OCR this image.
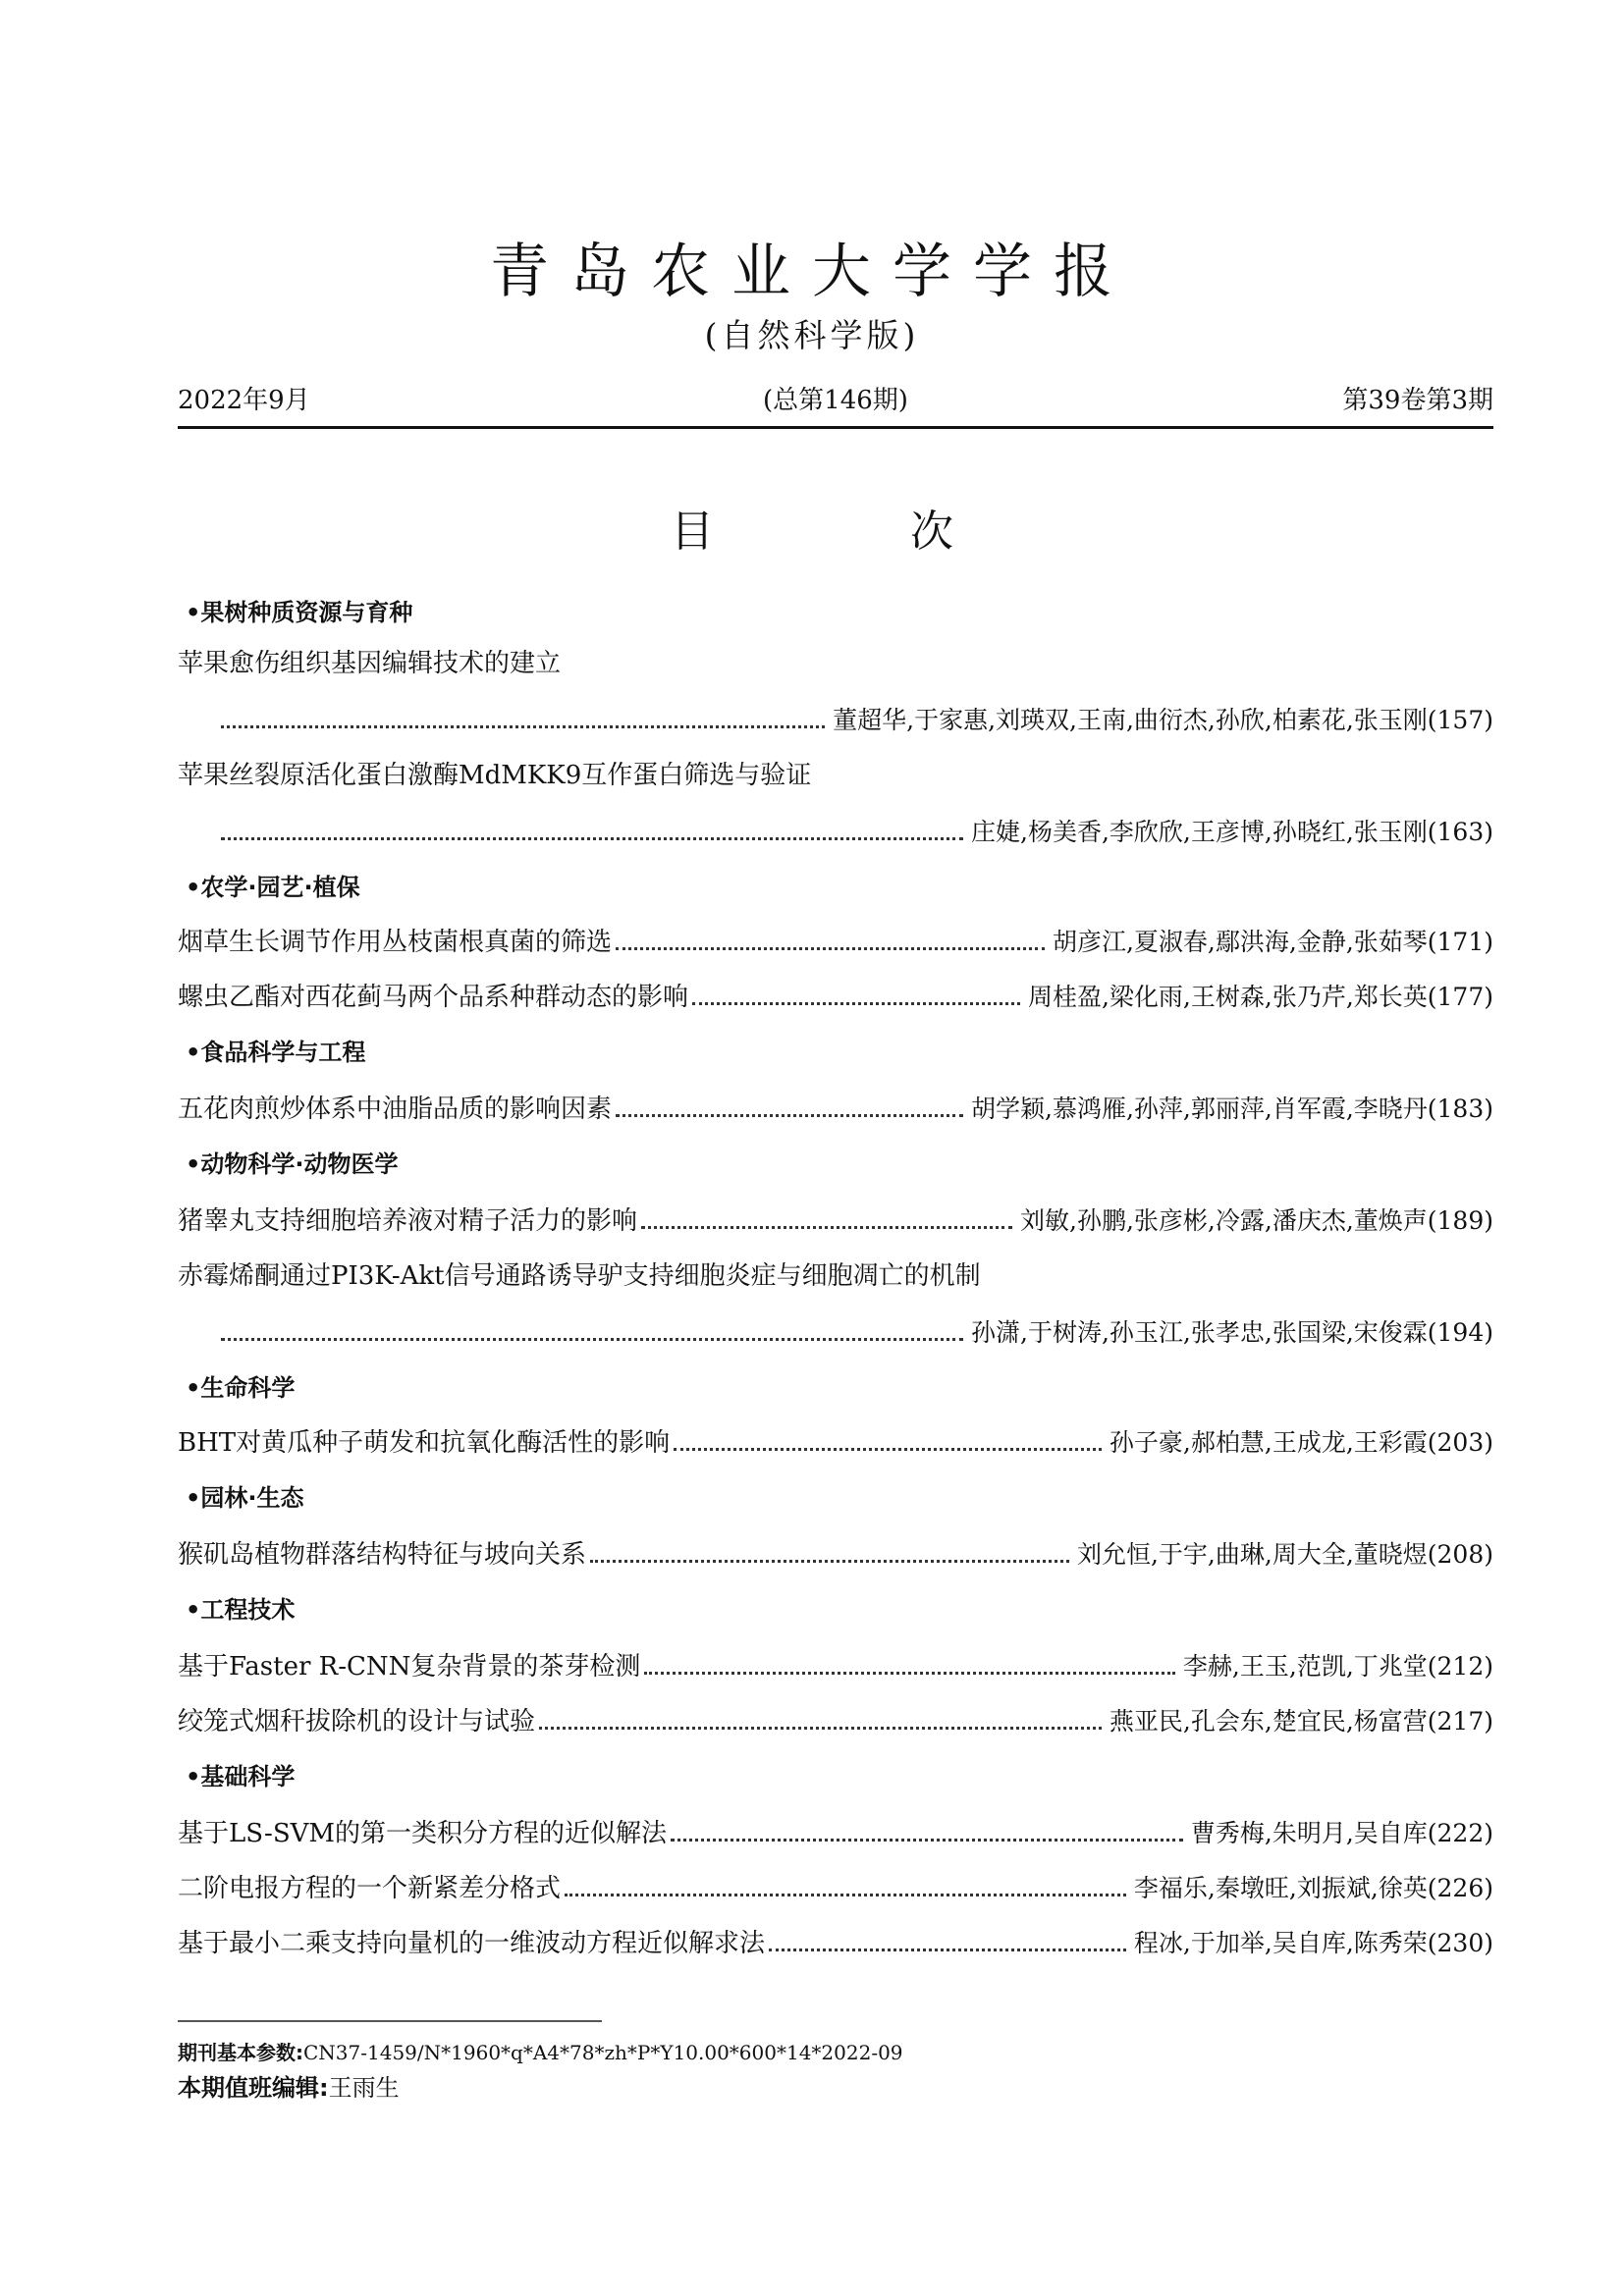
青岛农业大学学报
(自然科学版)
2022年9月	(总第146期)	第39卷第3期
目　次
•果树种质资源与育种
苹果愈伤组织基因编辑技术的建立
董超华,于家惠,刘瑛双,王南,曲衍杰,孙欣,柏素花,张玉刚(157)
苹果丝裂原活化蛋白激酶MdMKK9互作蛋白筛选与验证
庄婕,杨美香,李欣欣,王彦博,孙晓红,张玉刚(163)
•农学·园艺·植保
烟草生长调节作用丛枝菌根真菌的筛选	胡彦江,夏淑春,鄢洪海,金静,张茹琴(171)
螺虫乙酯对西花蓟马两个品系种群动态的影响	周桂盈,梁化雨,王树森,张乃芹,郑长英(177)
•食品科学与工程
五花肉煎炒体系中油脂品质的影响因素	胡学颖,慕鸿雁,孙萍,郭丽萍,肖军霞,李晓丹(183)
•动物科学·动物医学
猪睾丸支持细胞培养液对精子活力的影响	刘敏,孙鹏,张彦彬,冷露,潘庆杰,董焕声(189)
赤霉烯酮通过PI3K-Akt信号通路诱导驴支持细胞炎症与细胞凋亡的机制
孙潇,于树涛,孙玉江,张孝忠,张国梁,宋俊霖(194)
•生命科学
BHT对黄瓜种子萌发和抗氧化酶活性的影响	孙子豪,郝柏慧,王成龙,王彩霞(203)
•园林·生态
猴矶岛植物群落结构特征与坡向关系	刘允恒,于宇,曲琳,周大全,董晓煜(208)
•工程技术
基于Faster R-CNN复杂背景的茶芽检测	李赫,王玉,范凯,丁兆堂(212)
绞笼式烟秆拔除机的设计与试验	燕亚民,孔会东,楚宜民,杨富营(217)
•基础科学
基于LS-SVM的第一类积分方程的近似解法	曹秀梅,朱明月,吴自库(222)
二阶电报方程的一个新紧差分格式	李福乐,秦墩旺,刘振斌,徐英(226)
基于最小二乘支持向量机的一维波动方程近似解求法	程冰,于加举,吴自库,陈秀荣(230)
期刊基本参数:CN37-1459/N*1960*q*A4*78*zh*P*Y10.00*600*14*2022-09
本期值班编辑:王雨生
